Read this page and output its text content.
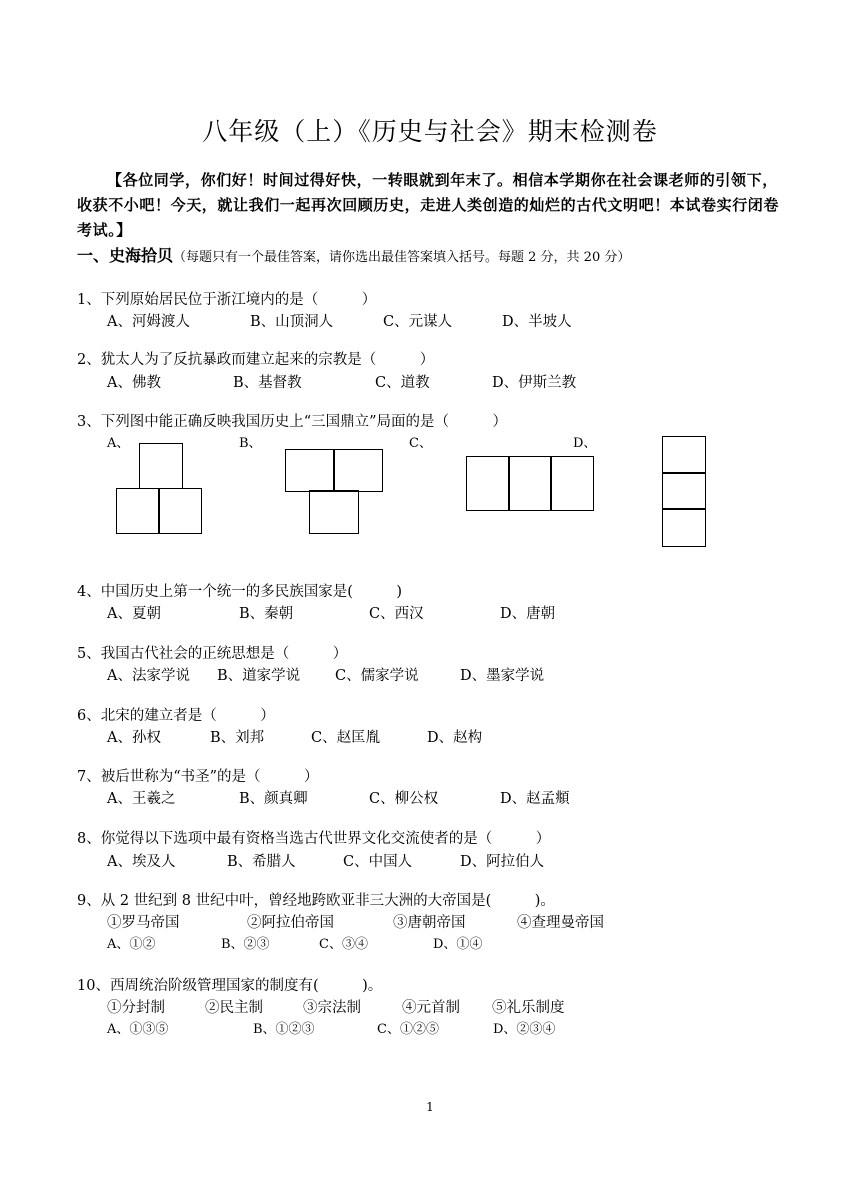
八年级（上）《历史与社会》期末检测卷
【各位同学，你们好！时间过得好快，一转眼就到年末了。相信本学期你在社会课老师的引领下，收获不小吧！今天，就让我们一起再次回顾历史，走进人类创造的灿烂的古代文明吧！本试卷实行闭卷考试。】
一、史海拾贝（每题只有一个最佳答案，请你选出最佳答案填入括号。每题 2 分，共 20 分）
1、下列原始居民位于浙江境内的是（　　　）
A、河姆渡人	B、山顶洞人	C、元谋人	D、半坡人
2、犹太人为了反抗暴政而建立起来的宗教是（　　　）
A、佛教	B、基督教	C、道教	D、伊斯兰教
3、下列图中能正确反映我国历史上“三国鼎立”局面的是（　　　）
A、	B、	C、	D、
4、中国历史上第一个统一的多民族国家是(　　　)
A、夏朝	B、秦朝	C、西汉	D、唐朝
5、我国古代社会的正统思想是（　　　）
A、法家学说 B、道家学说 C、儒家学说	D、墨家学说
6、北宋的建立者是（　　　）
A、孙权	B、刘邦	C、赵匡胤	D、赵构
7、被后世称为“书圣”的是（　　　）
A、王羲之	B、颜真卿	C、柳公权	D、赵孟頫
8、你觉得以下选项中最有资格当选古代世界文化交流使者的是（　　　）
A、埃及人	B、希腊人	C、中国人	D、阿拉伯人
9、从 2 世纪到 8 世纪中叶，曾经地跨欧亚非三大洲的大帝国是(　　　)。
①罗马帝国	②阿拉伯帝国	③唐朝帝国	④查理曼帝国
A、①②	B、②③	C、③④	D、①④
10、西周统治阶级管理国家的制度有(　　　)。
①分封制	②民主制	③宗法制	④元首制 ⑤礼乐制度
A、①③⑤	B、①②③	C、①②⑤	D、②③④
1
